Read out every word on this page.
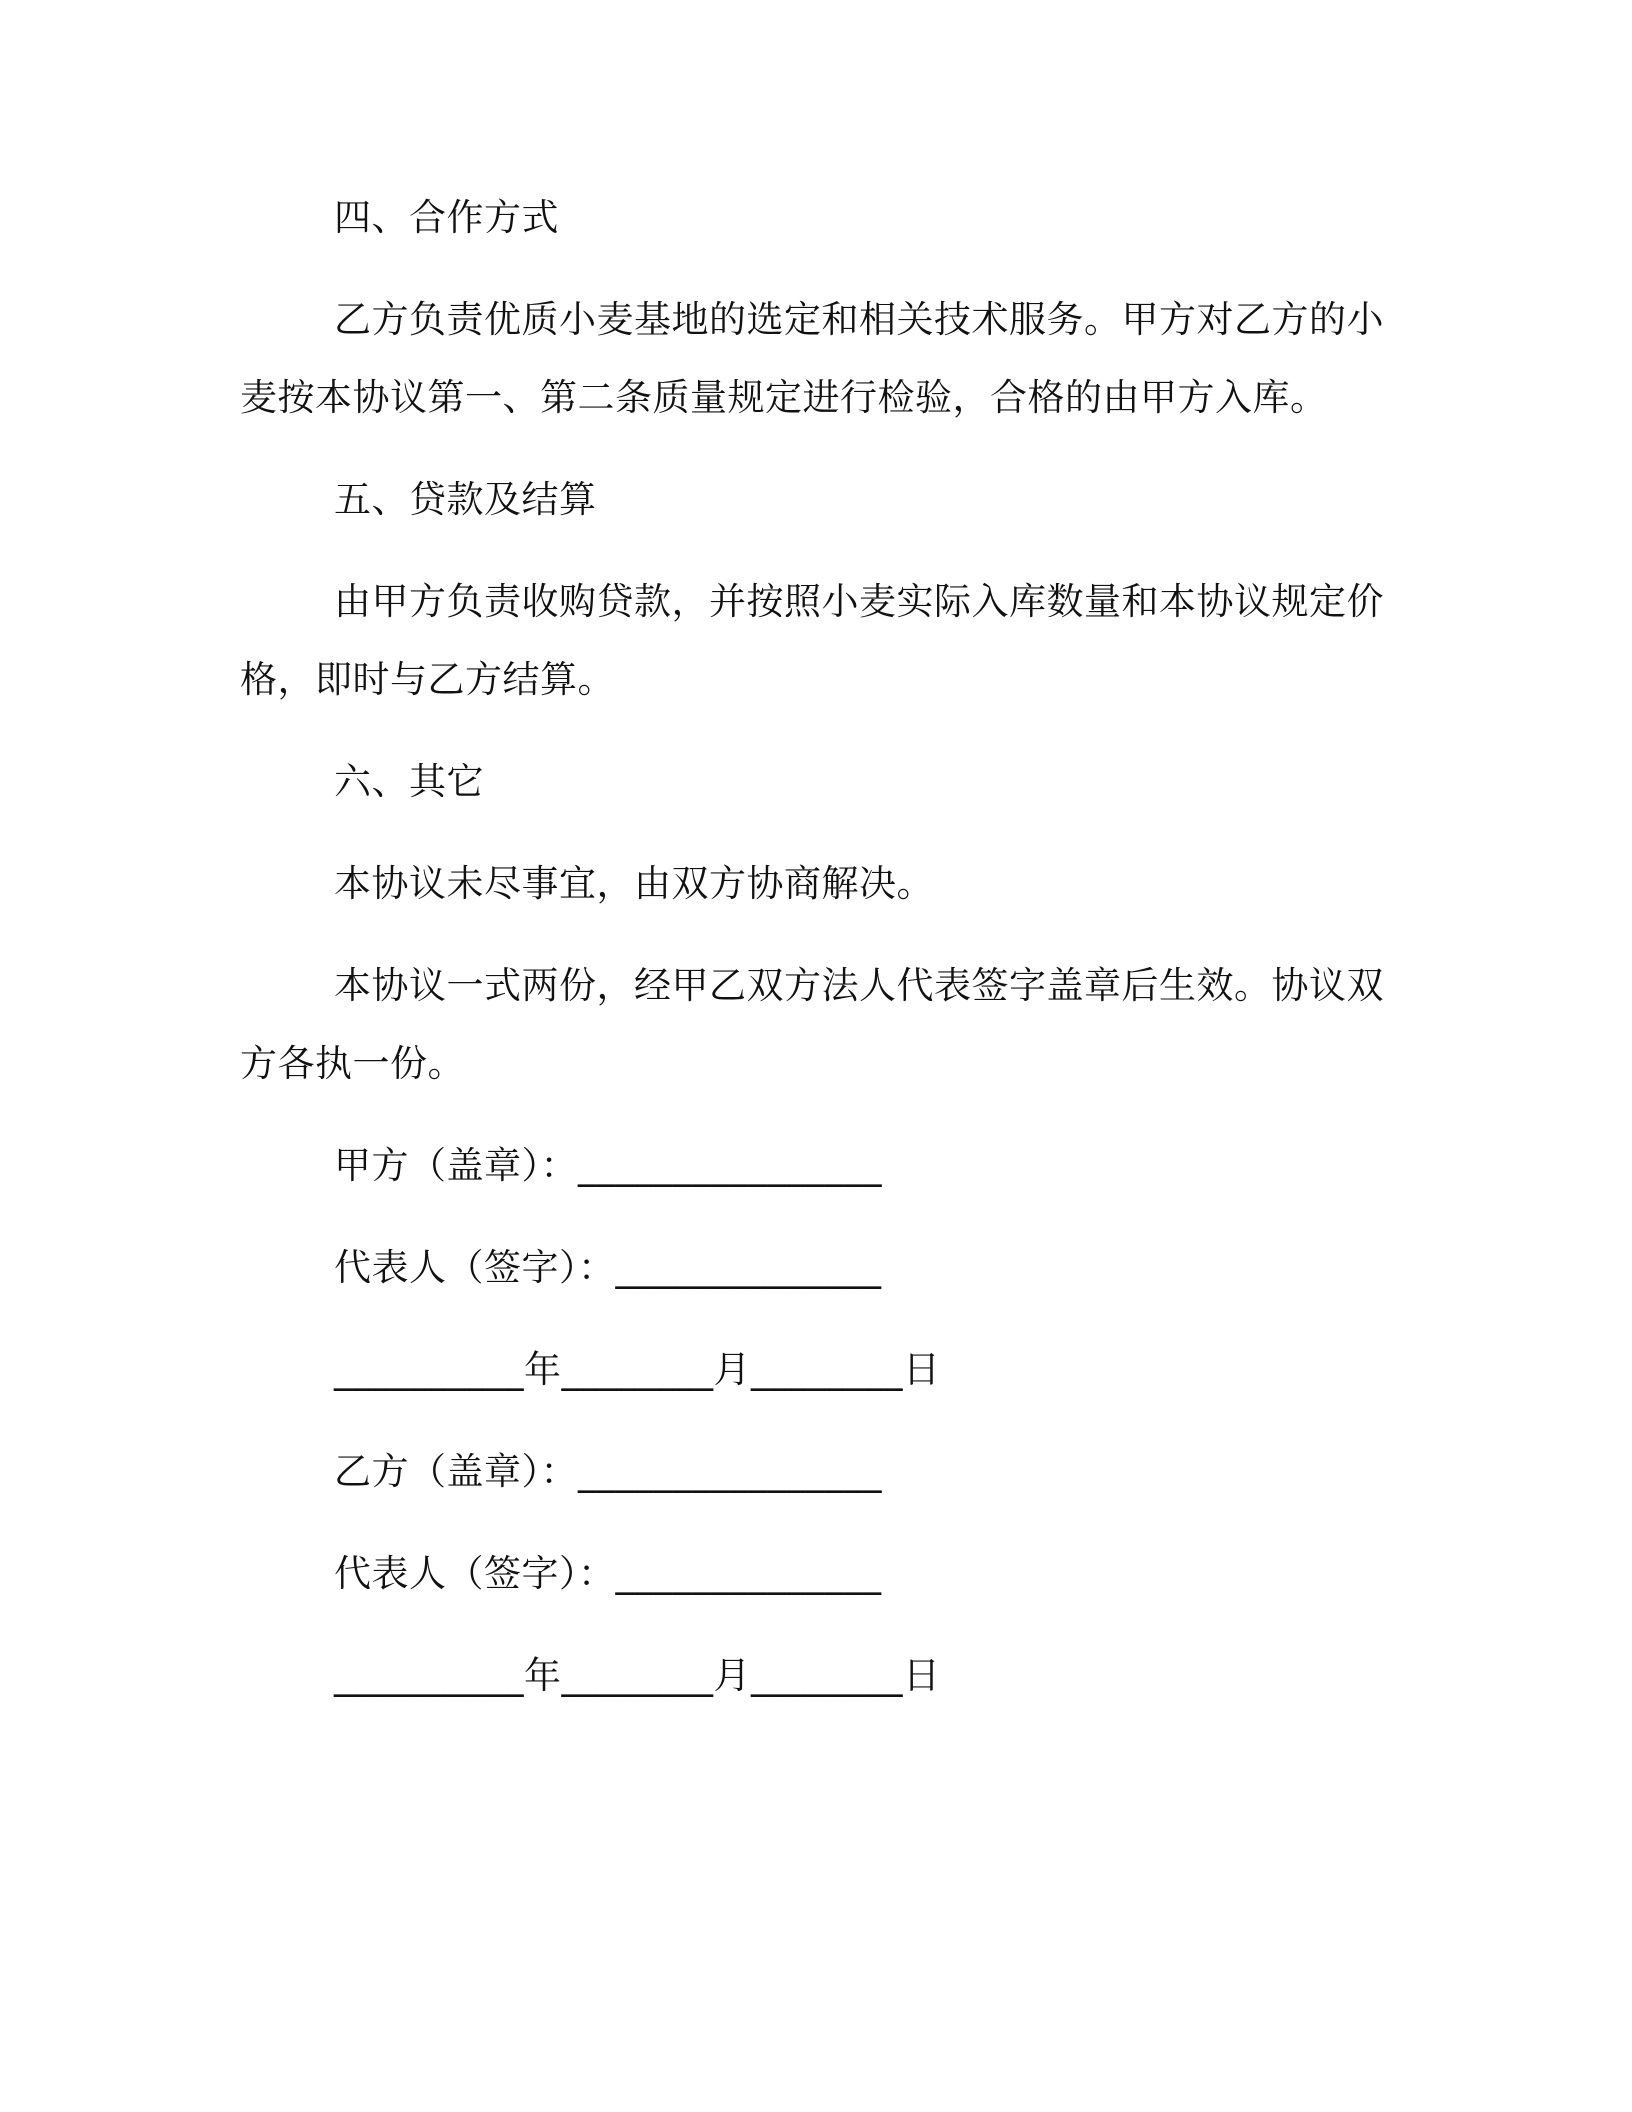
四、合作方式
乙方负责优质小麦基地的选定和相关技术服务。甲方对乙方的小
麦按本协议第一、第二条质量规定进行检验，合格的由甲方入库。
五、贷款及结算
由甲方负责收购贷款，并按照小麦实际入库数量和本协议规定价
格，即时与乙方结算。
六、其它
本协议未尽事宜，由双方协商解决。
本协议一式两份，经甲乙双方法人代表签字盖章后生效。协议双
方各执一份。
甲方（盖章）：________________
代表人（签字）：______________
__________年________月________日
乙方（盖章）：________________
代表人（签字）：______________
__________年________月________日
